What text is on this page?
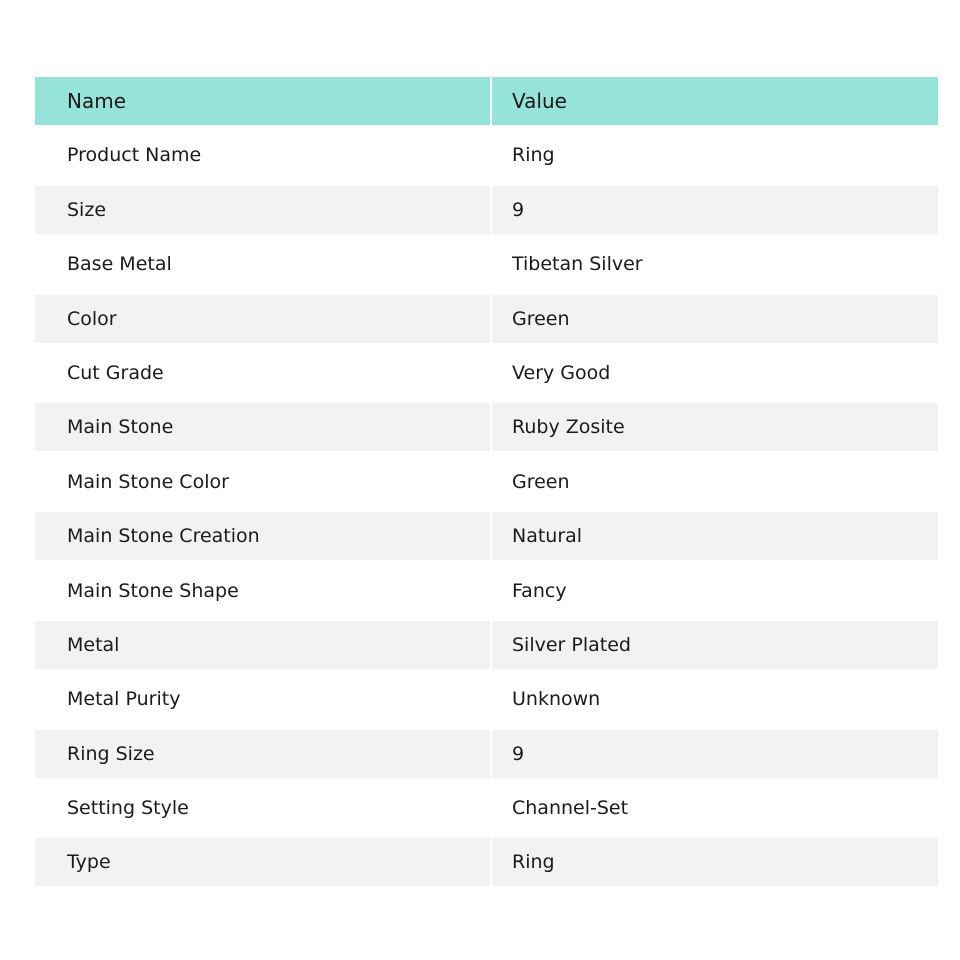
Name	Value
Product Name	Ring
Size	9
Base Metal	Tibetan Silver
Color	Green
Cut Grade	Very Good
Main Stone	Ruby Zosite
Main Stone Color	Green
Main Stone Creation	Natural
Main Stone Shape	Fancy
Metal	Silver Plated
Metal Purity	Unknown
Ring Size	9
Setting Style	Channel-Set
Type	Ring
